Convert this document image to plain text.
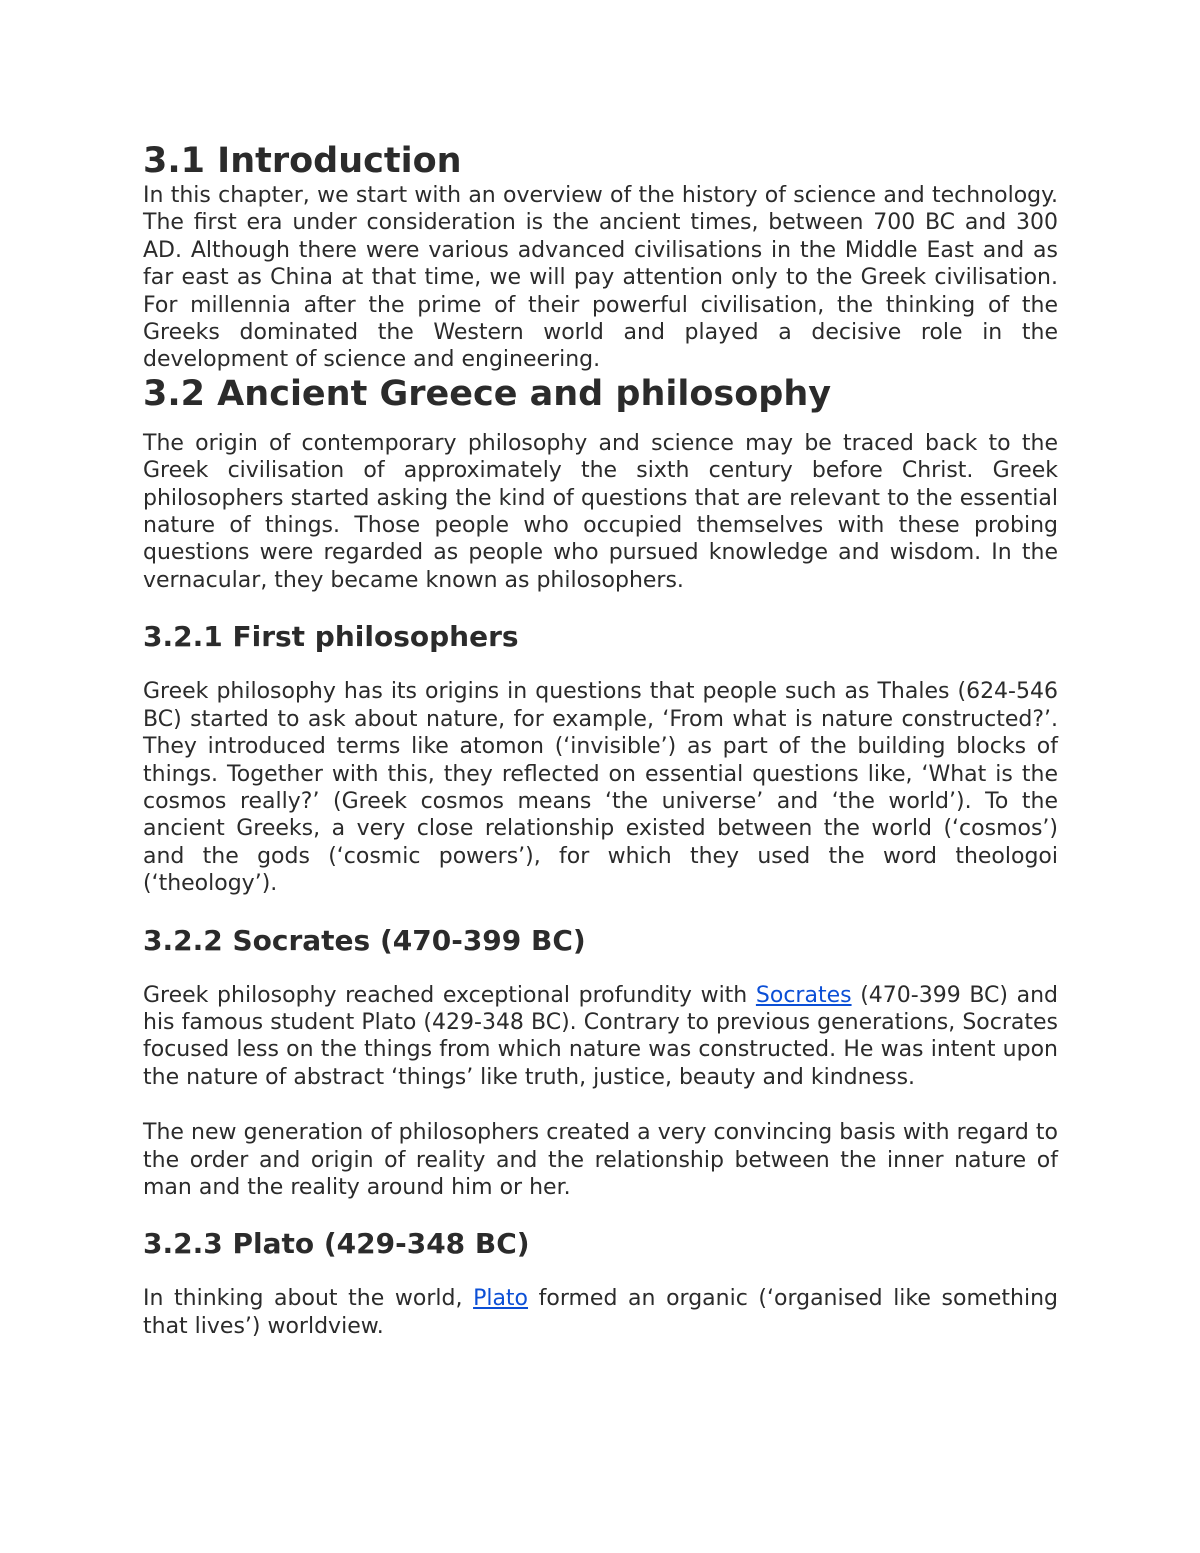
3.1 Introduction

In this chapter, we start with an overview of the history of science and technology. The first era under consideration is the ancient times, between 700 BC and 300 AD. Although there were various advanced civilisations in the Middle East and as far east as China at that time, we will pay attention only to the Greek civilisation. For millennia after the prime of their powerful civilisation, the thinking of the Greeks dominated the Western world and played a decisive role in the development of science and engineering.

3.2 Ancient Greece and philosophy

The origin of contemporary philosophy and science may be traced back to the Greek civilisation of approximately the sixth century before Christ. Greek philosophers started asking the kind of questions that are relevant to the essential nature of things. Those people who occupied themselves with these probing questions were regarded as people who pursued knowledge and wisdom. In the vernacular, they became known as philosophers.

3.2.1 First philosophers

Greek philosophy has its origins in questions that people such as Thales (624-546 BC) started to ask about nature, for example, ‘From what is nature constructed?’. They introduced terms like atomon (‘invisible’) as part of the building blocks of things. Together with this, they reflected on essential questions like, ‘What is the cosmos really?’ (Greek cosmos means ‘the universe’ and ‘the world’). To the ancient Greeks, a very close relationship existed between the world (‘cosmos’) and the gods (‘cosmic powers’), for which they used the word theologoi (‘theology’).

3.2.2 Socrates (470-399 BC)

Greek philosophy reached exceptional profundity with Socrates (470-399 BC) and his famous student Plato (429-348 BC). Contrary to previous generations, Socrates focused less on the things from which nature was constructed. He was intent upon the nature of abstract ‘things’ like truth, justice, beauty and kindness.

The new generation of philosophers created a very convincing basis with regard to the order and origin of reality and the relationship between the inner nature of man and the reality around him or her.

3.2.3 Plato (429-348 BC)

In thinking about the world, Plato formed an organic (‘organised like something that lives’) worldview.
